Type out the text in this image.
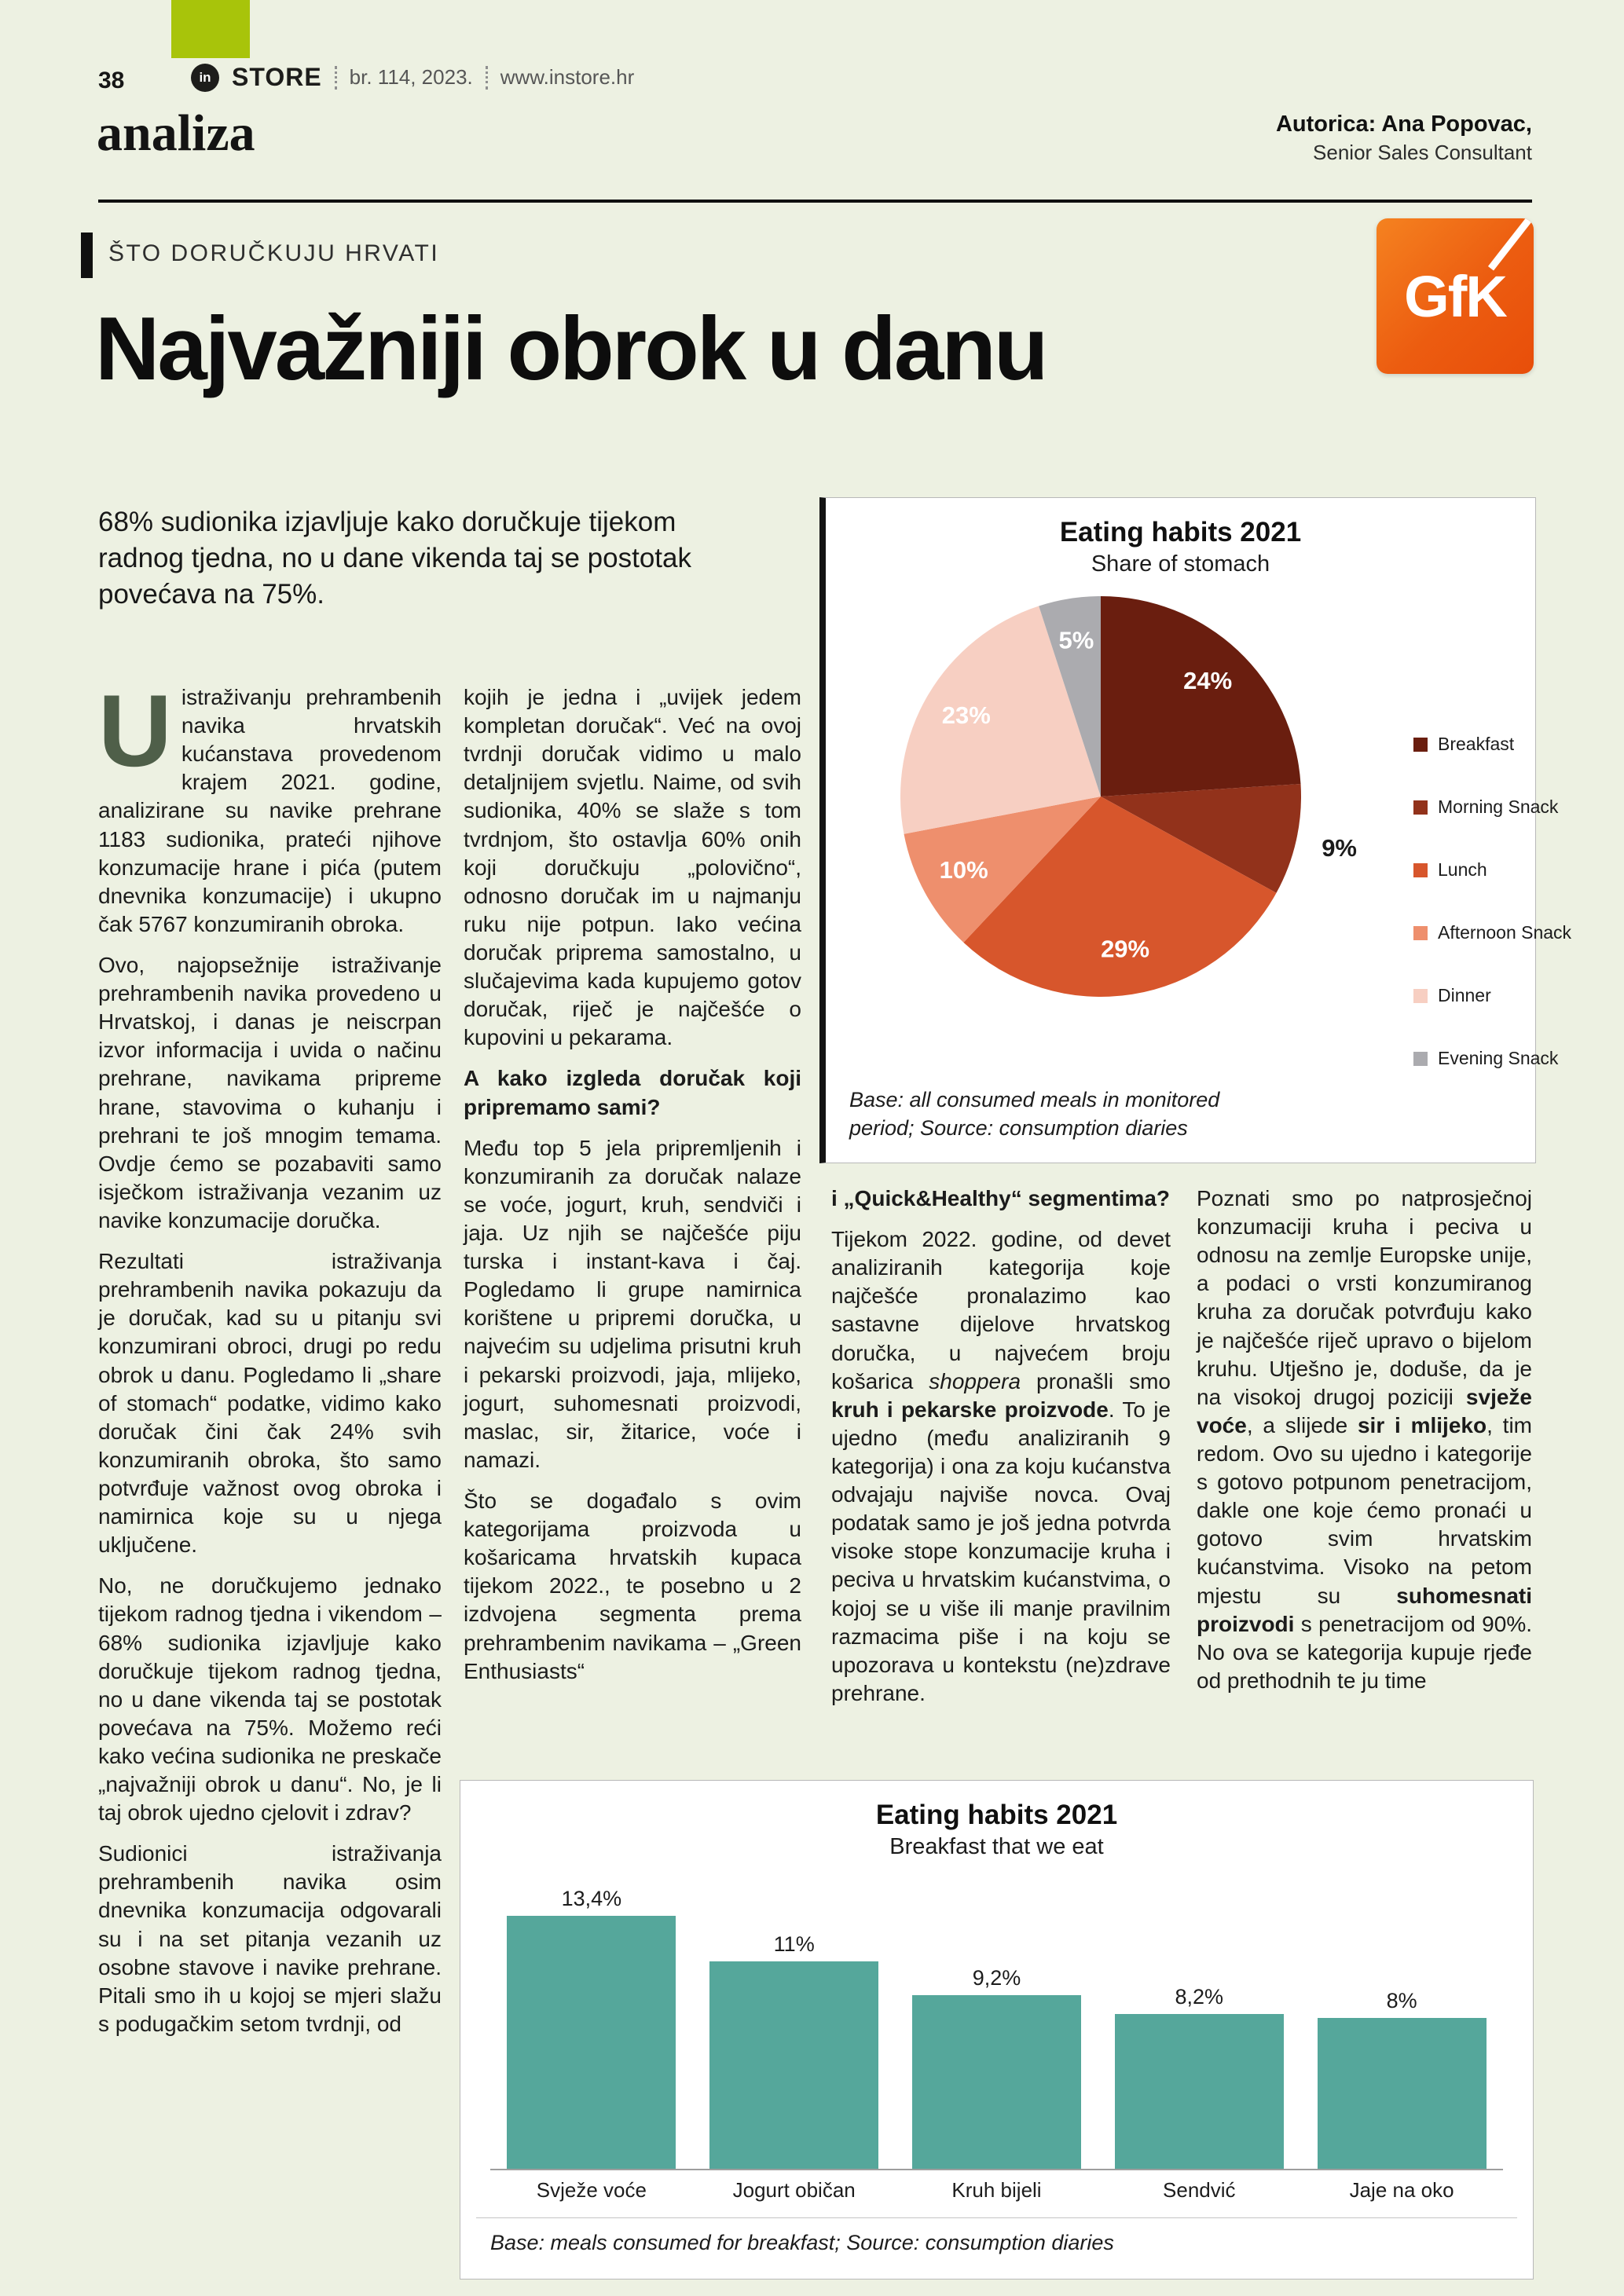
38	in STORE br. 114, 2023. www.instore.hr
analiza	Autorica: Ana Popovac,
Senior Sales Consultant
ŠTO DORUČKUJU HRVATI
GfK
Najvažniji obrok u danu
68% sudionika izjavljuje kako doručkuje tijekom radnog tjedna, no u dane vikenda taj se postotak povećava na 75%.

Uistraživanju prehrambenih navika hrvatskih kućanstava provedenom krajem 2021. godine, analizirane su navike prehrane 1183 sudionika, prateći njihove konzumacije hrane i pića (putem dnevnika konzumacije) i ukupno čak 5767 konzumiranih obroka.

Ovo, najopsežnije istraživanje prehrambenih navika provedeno u Hrvatskoj, i danas je neiscrpan izvor informacija i uvida o načinu prehrane, navikama pripreme hrane, stavovima o kuhanju i prehrani te još mnogim temama. Ovdje ćemo se pozabaviti samo isječkom istraživanja vezanim uz navike konzumacije doručka.

Rezultati istraživanja prehrambenih navika pokazuju da je doručak, kad su u pitanju svi konzumirani obroci, drugi po redu obrok u danu. Pogledamo li „share of stomach“ podatke, vidimo kako doručak čini čak 24% svih konzumiranih obroka, što samo potvrđuje važnost ovog obroka i namirnica koje su u njega uključene.

No, ne doručkujemo jednako tijekom radnog tjedna i vikendom – 68% sudionika izjavljuje kako doručkuje tijekom radnog tjedna, no u dane vikenda taj se postotak povećava na 75%. Možemo reći kako većina sudionika ne preskače „najvažniji obrok u danu“. No, je li taj obrok ujedno cjelovit i zdrav?

Sudionici istraživanja prehrambenih navika osim dnevnika konzumacija odgovarali su i na set pitanja vezanih uz osobne stavove i navike prehrane. Pitali smo ih u kojoj se mjeri slažu s podugačkim setom tvrdnji, od

kojih je jedna i „uvijek jedem kompletan doručak“. Već na ovoj tvrdnji doručak vidimo u malo detaljnijem svjetlu. Naime, od svih sudionika, 40% se slaže s tom tvrdnjom, što ostavlja 60% onih koji doručkuju „polovično“, odnosno doručak im u najmanju ruku nije potpun. Iako većina doručak priprema samostalno, u slučajevima kada kupujemo gotov doručak, riječ je najčešće o kupovini u pekarama.

A kako izgleda doručak koji pripremamo sami?

Među top 5 jela pripremljenih i konzumiranih za doručak nalaze se voće, jogurt, kruh, sendviči i jaja. Uz njih se najčešće piju turska i instant-kava i čaj. Pogledamo li grupe namirnica korištene u pripremi doručka, u najvećim su udjelima prisutni kruh i pekarski proizvodi, jaja, mlijeko, jogurt, suhomesnati proizvodi, maslac, sir, žitarice, voće i namazi.

Što se događalo s ovim kategorijama proizvoda u košaricama hrvatskih kupaca tijekom 2022., te posebno u 2 izdvojena segmenta prema prehrambenim navikama – „Green Enthusiasts“

i „Quick&Healthy“ segmentima?

Tijekom 2022. godine, od devet analiziranih kategorija koje najčešće pronalazimo kao sastavne dijelove hrvatskog doručka, u najvećem broju košarica shoppera pronašli smo kruh i pekarske proizvode. To je ujedno (među analiziranih 9 kategorija) i ona za koju kućanstva odvajaju najviše novca. Ovaj podatak samo je još jedna potvrda visoke stope konzumacije kruha i peciva u hrvatskim kućanstvima, o kojoj se u više ili manje pravilnim razmacima piše i na koju se upozorava u kontekstu (ne)zdrave prehrane.

Poznati smo po natprosječnoj konzumaciji kruha i peciva u odnosu na zemlje Europske unije, a podaci o vrsti konzumiranog kruha za doručak potvrđuju kako je najčešće riječ upravo o bijelom kruhu. Utješno je, doduše, da je na visokoj drugoj poziciji svježe voće, a slijede sir i mlijeko, tim redom. Ovo su ujedno i kategorije s gotovo potpunom penetracijom, dakle one koje ćemo pronaći u gotovo svim hrvatskim kućanstvima. Visoko na petom mjestu su suhomesnati proizvodi s penetracijom od 90%. No ova se kategorija kupuje rjeđe od prethodnih te ju time

Eating habits 2021
Share of stomach
24%
9%
29%
10%
23%
5%
Breakfast
Morning Snack
Lunch
Afternoon Snack
Dinner
Evening Snack
Base: all consumed meals in monitored period; Source: consumption diaries
Eating habits 2021
Breakfast that we eat
13,4%
11%
9,2%
8,2%	8%
Svježe voće	Jogurt običan	Kruh bijeli	Sendvić	Jaje na oko
Base: meals consumed for breakfast; Source: consumption diaries
